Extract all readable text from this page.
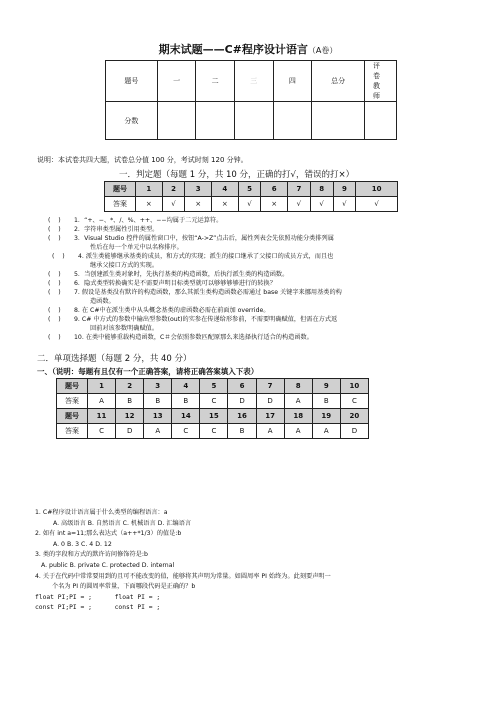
期末试题——C#程序设计语言（A卷）
题号	一	二	三	四	总分	评卷教师
分数						
说明：本试卷共四大题，试卷总分值 100 分，考试时刻 120 分钟。
一．判定题（每题 1 分，共 10 分，正确的打√，错误的打×）
题号	1	2	3	4	5	6	7	8	9	10
答案	×	√	×	×	√	×	√	√	√	√
(    ) 1．“+、−、*、/、%、++、−−均属于二元运算符。
(    ) 2．字符串类型属性引用类型。
(    ) 3．Visual Studio 控件的属性窗口中，按钮“A->Z”点击后，属性列表会先依照功能分类排列属
性后在每一个单元中以名称排序。
(    ) 4. 派生类能够继承基类的成员，和方式的实现；派生的接口继承了父接口的成员方式，而且也
继承父接口方式的实现。
(    ) 5．当创建派生类对象时，先执行基类的构造函数，后执行派生类的构造函数。
(    ) 6．隐式类型转换确实是不需要声明目标类型就可以够够够够进行的转换？
(    ) 7. 假设是基类没有默许的构造函数，那么其派生类构造函数必需通过 base 关键字来挪用基类的构
造函数。
(    ) 8. 在 C#中在派生类中从头概念基类的虚函数必需在前面加 override。
(    ) 9. C# 中方式的参数中输出型参数(out)的实参在传递给形参前，不需要明确赋值，但需在方式返
回前对该参数明确赋值。
(    ) 10. 在类中能够重载构造函数，C＃会依照参数匹配原那么来选择执行适合的构造函数。
二．单项选择题（每题 2 分，共 40 分）
一、（说明：每题有且仅有一个正确答案，请将正确答案填入下表）
题号	1	2	3	4	5	6	7	8	9	10
答案	A	B	B	B	C	D	D	A	B	C
题号	11	12	13	14	15	16	17	18	19	20
答案	C	D	A	C	C	B	A	A	A	D
1. C#程序设计语言属于什么类型的编程语言：a
A. 高级语言 B. 自然语言 C. 机械语言 D. 汇编语言
2. 如有 int a=11;那么表达式（a++*1/3）的值是:b
A. 0 B. 3 C. 4 D. 12
3. 类的字段和方式的默许访问修饰符是:b
A. public B. private C. protected D. internal
4. 关于在代码中常常要用到的且可不能改变的值，能够将其声明为常量。如圆周率 PI 始终为。此刻要声明一
个名为 PI 的圆周率常量，下面哪段代码是正确的？b
float PI;PI = ;      float PI = ;
const PI;PI = ;      const PI = ;
